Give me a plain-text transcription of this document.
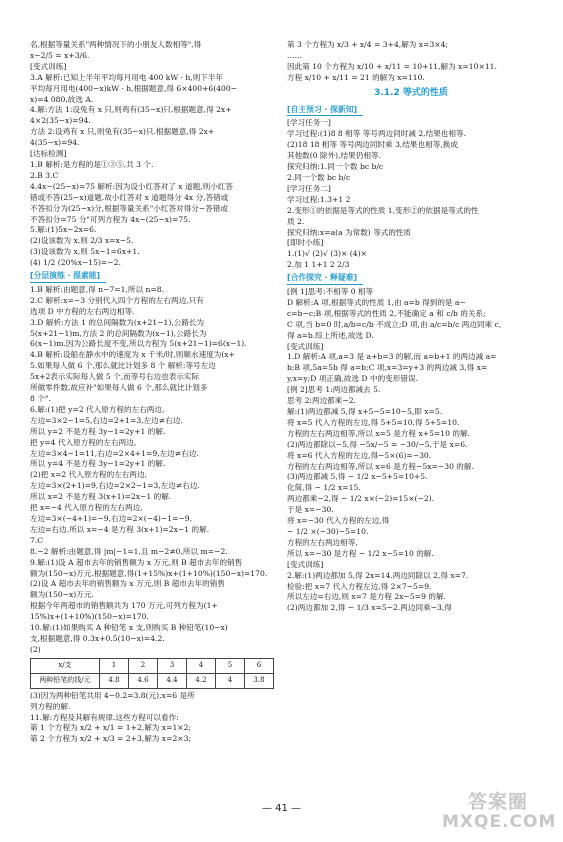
名,根据等量关系"两种情况下的小朋友人数相等",得
x−2/5 = x+3/6.
[变式训练]
3.A 解析:已知上半年平均每月用电 400 kW · h,则下半年
平均每月用电(400−x)kW · h,根据题意,得 6×400+6(400−
x)=4 080,故选 A.
4.解:方法 1:设兔有 x 只,则鸡有(35−x)只.根据题意,得 2x+
4×2(35−x)=94.
方法 2:设鸡有 x 只,则兔有(35−x)只.根据题意,得 2x+
4(35−x)=94.
[达标检测]
1.B 解析:是方程的是①③⑤,共 3 个.
2.B 3.C
4.4x−(25−x)=75 解析:因为设小红答对了 x 道题,则小红答
错或不答(25−x)道题.故小红答对 x 道题得分 4x 分,答错或
不答扣分为(25−x)分,根据等量关系"小红答对得分−答错或
不答扣分=75 分"可列方程为 4x−(25−x)=75.
5.解:(1)5x−2x=6.
(2)设该数为 x,则 2/3 x=x−5.
(3)设该数为 x,则 5x−1=6x+1.
(4) 1/2 (20%x−15)=−2.
[分层演练 · 提素能]

1.B 解析:由题意,得 n−7=1,所以 n=8.
2.C 解析:x=−3 分别代入四个方程的左右两边,只有
选项 D 中方程的左右两边相等.
3.D 解析:方法 1 的总间隔数为(x+21−1),公路长为
5(x+21−1)m,方法 2 的总间隔数为(x−1),公路长为
6(x−1)m.因为公路长度不变,所以方程为 5(x+21−1)=6(x−1).
4.B 解析:设船在静水中的速度为 x 千米/时,则顺水速度为(x+
5.如果每人做 6 个,那么就比计划多 8 个 解析:等号左边
5x+2表示实际每人做 5 个,而等号右边也表示实际
所做零件数,故应补"如果每人做 6 个,那么就比计划多
8 个".
6.解:(1)把 y=2 代入原方程的左右两边,
左边=3×2−1=5,右边=2+1=3,左边≠右边.
所以 y=2 不是方程 3y−1=2y+1 的解.
把 y=4 代入原方程的左右两边,
左边=3×4−1=11,右边=2×4+1=9,左边≠右边.
所以 y=4 不是方程 3y−1=2y+1 的解.
(2)把 x=2 代入原方程的左右两边,
左边=3×(2+1)=9,右边=2×2−1=3,左边≠右边.
所以 x=2 不是方程 3(x+1)=2x−1 的解.
把 x=−4 代入原方程的左右两边,
左边=3×(−4+1)=−9,右边=2×(−4)−1=−9,
左边=右边.所以 x=−4 是方程 3(x+1)=2x−1 的解.
7.C
8.−2 解析:由题意,得 |m|−1=1,且 m−2≠0,所以 m=−2.
9.解:(1)设 A 超市去年的销售额为 x 万元,则 B 超市去年的销售
额为(150−x)万元.根据题意,得(1+15%)x+(1+10%)(150−x)=170.
(2)设 A 超市去年的销售额为 x 万元,则 B 超市去年的销售
额为(150−x)万元.
根据今年两超市的销售额共为 170 万元,可列方程为(1+
15%)x+(1+10%)(150−x)=170.
10.解:(1)如果购买 A 种铅笔 x 支,则购买 B 种铅笔(10−x)
支,根据题意,得 0.3x+0.5(10−x)=4.2.
(2)
x/支	1	2	3	4	5	6
两种铅笔的钱/元	4.8	4.6	4.4	4.2	4	3.8
(3)因为两种铅笔共用 4−0.2=3.8(元),x=6 是所
列方程的解.
11.解:方程及其解有规律.这些方程可以看作:
第 1 个方程为 x/2 + x/1 = 1+2,解为 x=1×2;
第 2 个方程为 x/2 + x/3 = 2+3,解为 x=2×3;
第 3 个方程为 x/3 + x/4 = 3+4,解为 x=3×4;
……
因此第 10 个方程为 x/10 + x/11 = 10+11,解为 x=10×11.
方程 x/10 + x/11 = 21 的解为 x=110.
3.1.2 等式的性质
[自主预习 · 探新知]

[学习任务一]
学习过程:(1)8 8 相等 等号两边同时减 2,结果也相等.
(2)18 18 相等 等号两边同时乘 3,结果也相等,换成
其他数(0 除外),结果仍相等.
探究归纳:1.同一个数 bc b/c
2.同一个数 bc b/c
[学习任务二]
学习过程:1.3+1 2
2.变形①的依据是等式的性质 1,变形②的依据是等式的性
质 2.
探究归纳:x=a(a 为常数) 等式的性质
[即时小练]
1.(1)√ (2)√ (3)× (4)×
2.加 1 1+1 2 2/3
[合作探究 · 释疑难]

[例 1]思考:不相等 0 相等
D 解析:A 项,根据等式的性质 1,由 a=b 得到的是 a−
c=b−c;B 项,根据等式的性质 2,不能确定 a 和 c/b 的关系;
C 项,当 b=0 时,a/b=c/b 不成立;D 项,由 a/c=b/c 两边同乘 c,
得 a=b.综上所述,故选 D.
[变式训练]
1.D 解析:A 项,a=3 是 a+b=3 的解,而 a=b+1 的两边减 a=
b;B 项,5a=5b 得 a=b;C 项,x=3=y+3 的两边减 3,得 x=
y,x=y;D 项正确,故选 D 中的变形错误.
[例 2]思考 1:两边都减去 5.
思考 2:两边都乘−2.
解:(1)两边都减 5,得 x+5−5=10−5,即 x=5.
将 x=5 代入方程的左边,得 5+5=10,得 5+5=10.
方程的左右两边相等,所以 x=5 是方程 x+5=10 的解.
(2)两边都除以−5,得 −5x/−5 = −30/−5,于是 x=6.
将 x=6 代入方程的左边,得−5×(6)=−30.
方程的左右两边相等,所以 x=6 是方程−5x=−30 的解.
(3)两边都减 5,得 − 1/2 x−5+5=10+5.
化简,得 − 1/2 x=15.
两边都乘−2,得 − 1/2 x×(−2)=15×(−2).
于是 x=−30.
将 x=−30 代入方程的左边,得
− 1/2 ×(−30)−5=10.
方程的左右两边相等,
所以 x=−30 是方程 − 1/2 x−5=10 的解.
[变式训练]
2.解:(1)两边都加 5,得 2x=14.两边同除以 2,得 x=7.
检验:把 x=7 代入方程左边,得 2×7−5=9.
所以左边=右边,则 x=7 是方程 2x−5=9 的解.
(2)两边都加 2,得 − 1/3 x=5−2.两边同乘−3,得
— 41 —	答案圈
MXQE.COM
